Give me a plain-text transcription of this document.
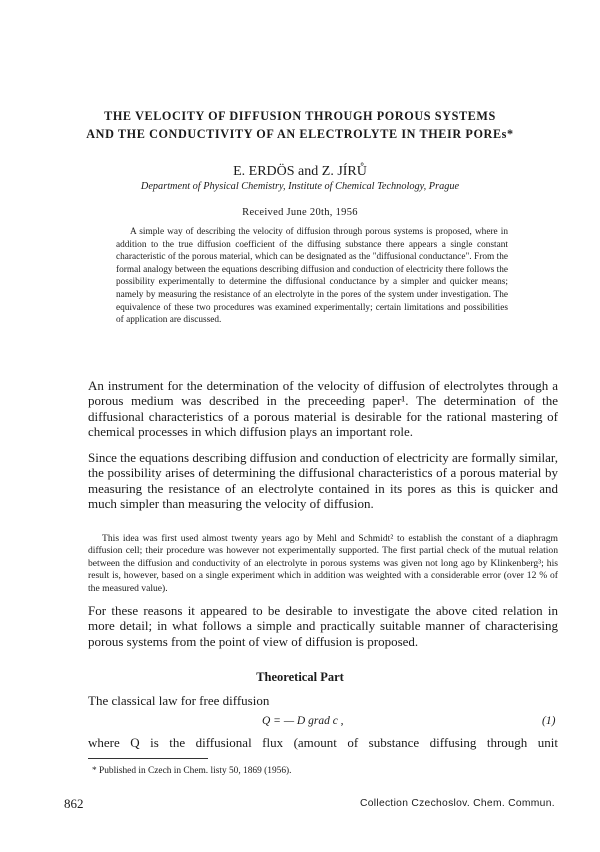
THE VELOCITY OF DIFFUSION THROUGH POROUS SYSTEMS
AND THE CONDUCTIVITY OF AN ELECTROLYTE IN THEIR POREs*
E. ERDÖS and Z. JÍRŮ
Department of Physical Chemistry, Institute of Chemical Technology, Prague
Received June 20th, 1956
A simple way of describing the velocity of diffusion through porous systems is proposed, where in addition to the true diffusion coefficient of the diffusing substance there appears a single constant characteristic of the porous material, which can be designated as the "diffusional conductance". From the formal analogy between the equations describing diffusion and conduction of electricity there follows the possibility experimentally to determine the diffusional conductance by a simpler and quicker means; namely by measuring the resistance of an electrolyte in the pores of the system under investigation. The equivalence of these two procedures was examined experimentally; certain limitations and possibilities of application are discussed.

An instrument for the determination of the velocity of diffusion of electrolytes through a porous medium was described in the preceeding paper¹. The determination of the diffusional characteristics of a porous material is desirable for the rational mastering of chemical processes in which diffusion plays an important role.

Since the equations describing diffusion and conduction of electricity are formally similar, the possibility arises of determining the diffusional characteristics of a porous material by measuring the resistance of an electrolyte contained in its pores as this is quicker and much simpler than measuring the velocity of diffusion.

This idea was first used almost twenty years ago by Mehl and Schmidt² to establish the constant of a diaphragm diffusion cell; their procedure was however not experimentally supported. The first partial check of the mutual relation between the diffusion and conductivity of an electrolyte in porous systems was given not long ago by Klinkenberg³; his result is, however, based on a single experiment which in addition was weighted with a considerable error (over 12 % of the measured value).

For these reasons it appeared to be desirable to investigate the above cited relation in more detail; in what follows a simple and practically suitable manner of characterising porous systems from the point of view of diffusion is proposed.

Theoretical Part
The classical law for free diffusion
Q = — D grad c ,	(1)
where Q is the diffusional flux (amount of substance diffusing through unit
* Published in Czech in Chem. listy 50, 1869 (1956).
862	Collection Czechoslov. Chem. Commun.
